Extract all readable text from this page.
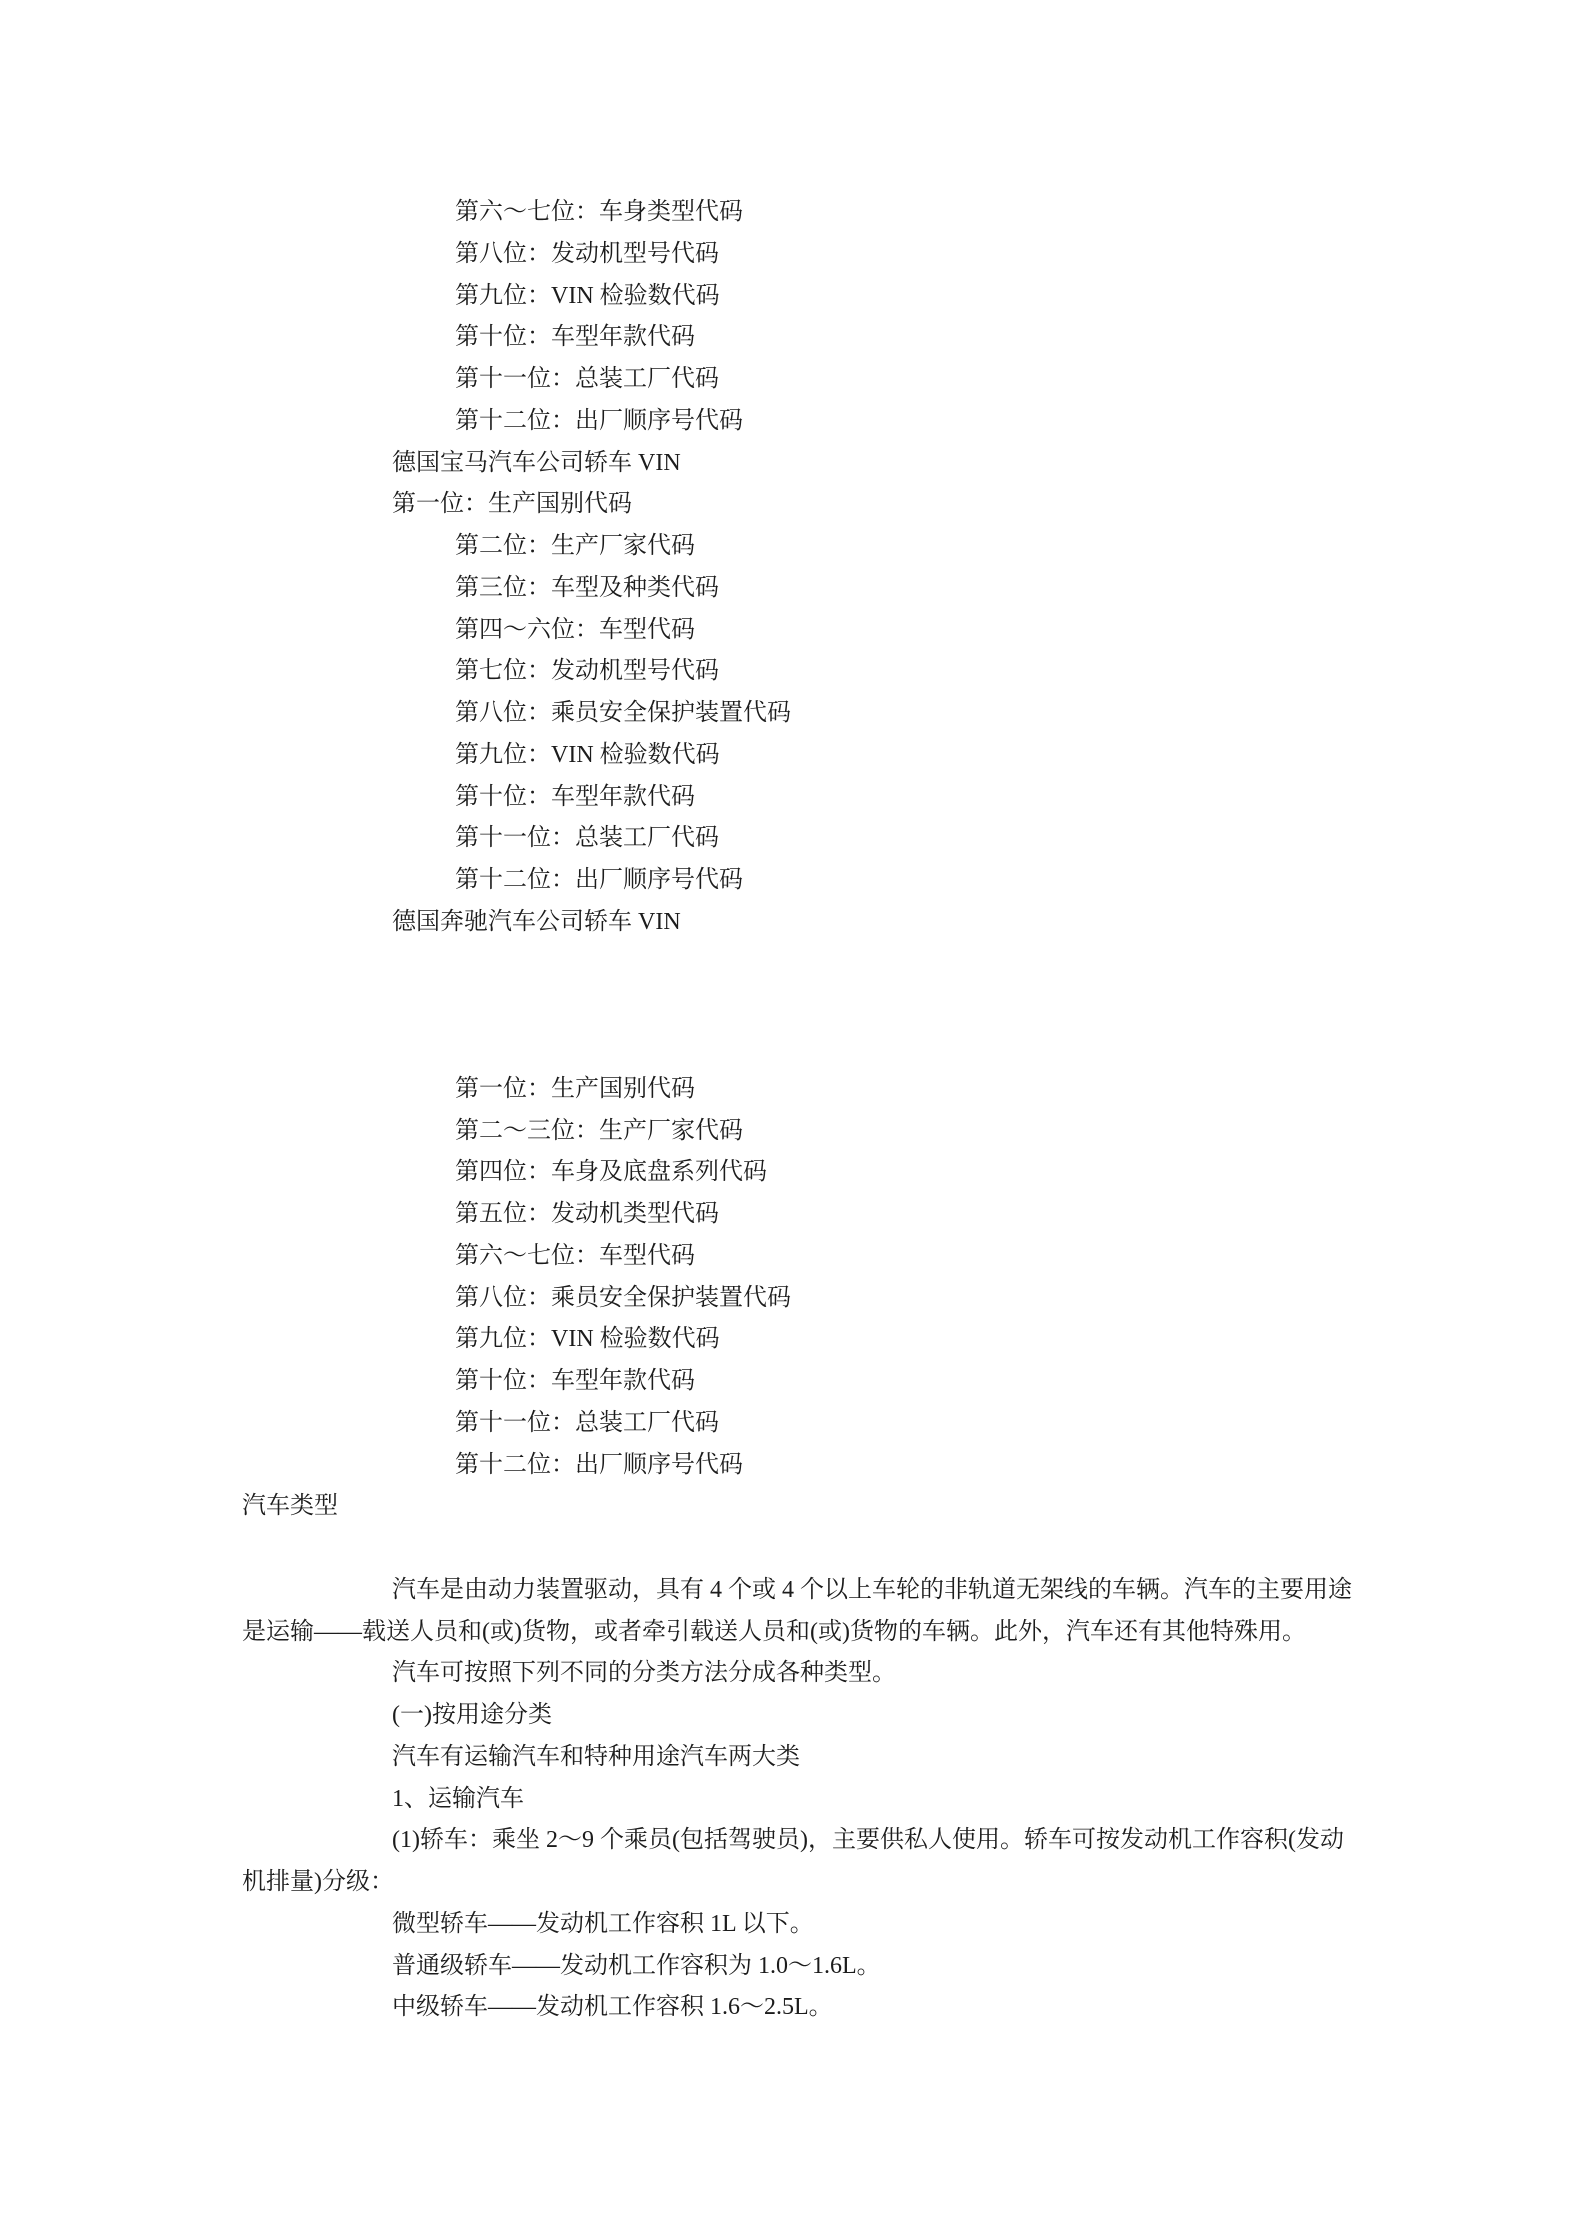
第六～七位：车身类型代码
第八位：发动机型号代码
第九位：VIN 检验数代码
第十位：车型年款代码
第十一位：总装工厂代码
第十二位：出厂顺序号代码
德国宝马汽车公司轿车 VIN
第一位：生产国别代码
第二位：生产厂家代码
第三位：车型及种类代码
第四～六位：车型代码
第七位：发动机型号代码
第八位：乘员安全保护装置代码
第九位：VIN 检验数代码
第十位：车型年款代码
第十一位：总装工厂代码
第十二位：出厂顺序号代码
德国奔驰汽车公司轿车 VIN
第一位：生产国别代码
第二～三位：生产厂家代码
第四位：车身及底盘系列代码
第五位：发动机类型代码
第六～七位：车型代码
第八位：乘员安全保护装置代码
第九位：VIN 检验数代码
第十位：车型年款代码
第十一位：总装工厂代码
第十二位：出厂顺序号代码
汽车类型
汽车是由动力装置驱动，具有 4 个或 4 个以上车轮的非轨道无架线的车辆。汽车的主要用途
是运输——载送人员和(或)货物，或者牵引载送人员和(或)货物的车辆。此外，汽车还有其他特殊用。
汽车可按照下列不同的分类方法分成各种类型。
(一)按用途分类
汽车有运输汽车和特种用途汽车两大类
1、运输汽车
(1)轿车：乘坐 2～9 个乘员(包括驾驶员)，主要供私人使用。轿车可按发动机工作容积(发动
机排量)分级：
微型轿车——发动机工作容积 1L 以下。
普通级轿车——发动机工作容积为 1.0～1.6L。
中级轿车——发动机工作容积 1.6～2.5L。
